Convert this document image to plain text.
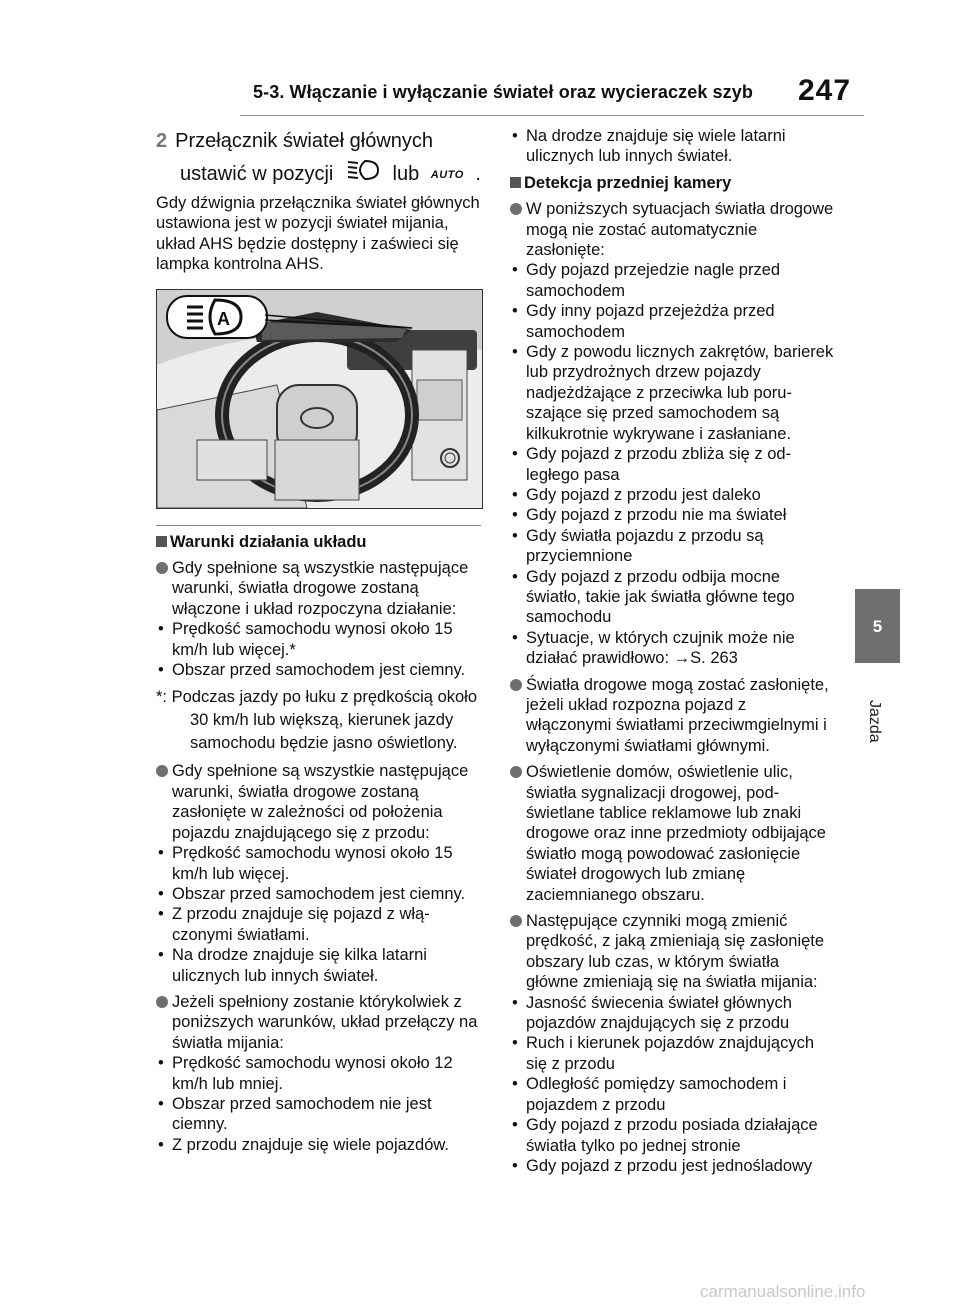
5-3. Włączanie i wyłączanie świateł oraz wycieraczek szyb 247
5
Jazda
2 Przełącznik świateł głównych
ustawić w pozycji	lub AUTO .
Gdy dźwignia przełącznika świateł głównych ustawiona jest w pozycji świateł mijania, układ AHS będzie dostępny i zaświeci się lampka kontrolna AHS.
A
Warunki działania układu
Gdy spełnione są wszystkie następujące warunki, światła drogowe zostaną włączone i układ rozpoczyna działanie:
• Prędkość samochodu wynosi około 15 km/h lub więcej.*
• Obszar przed samochodem jest ciemny.
*: Podczas jazdy po łuku z prędkością około 30 km/h lub większą, kierunek jazdy samochodu będzie jasno oświetlony.
Gdy spełnione są wszystkie następujące warunki, światła drogowe zostaną zasłonięte w zależności od położenia pojazdu znajdującego się z przodu:
• Prędkość samochodu wynosi około 15 km/h lub więcej.
• Obszar przed samochodem jest ciemny.
• Z przodu znajduje się pojazd z włączonymi światłami.
• Na drodze znajduje się kilka latarni ulicznych lub innych świateł.
Jeżeli spełniony zostanie którykolwiek z poniższych warunków, układ przełączy na światła mijania:
• Prędkość samochodu wynosi około 12 km/h lub mniej.
• Obszar przed samochodem nie jest ciemny.
• Z przodu znajduje się wiele pojazdów.
• Na drodze znajduje się wiele latarni ulicznych lub innych świateł.
Detekcja przedniej kamery
W poniższych sytuacjach światła drogowe mogą nie zostać automatycznie zasłonięte:
• Gdy pojazd przejedzie nagle przed samochodem
• Gdy inny pojazd przejeżdża przed samochodem
• Gdy z powodu licznych zakrętów, barierek lub przydrożnych drzew pojazdy nadjeżdżające z przeciwka lub poruszające się przed samochodem są kilkukrotnie wykrywane i zasłaniane.
• Gdy pojazd z przodu zbliża się z odległego pasa
• Gdy pojazd z przodu jest daleko
• Gdy pojazd z przodu nie ma świateł
• Gdy światła pojazdu z przodu są przyciemnione
• Gdy pojazd z przodu odbija mocne światło, takie jak światła główne tego samochodu
• Sytuacje, w których czujnik może nie działać prawidłowo: →S. 263
Światła drogowe mogą zostać zasłonięte, jeżeli układ rozpozna pojazd z włączonymi światłami przeciwmgielnymi i wyłączonymi światłami głównymi.
Oświetlenie domów, oświetlenie ulic, światła sygnalizacji drogowej, podświetlane tablice reklamowe lub znaki drogowe oraz inne przedmioty odbijające światło mogą powodować zasłonięcie świateł drogowych lub zmianę zaciemnianego obszaru.
Następujące czynniki mogą zmienić prędkość, z jaką zmieniają się zasłonięte obszary lub czas, w którym światła główne zmieniają się na światła mijania:
• Jasność świecenia świateł głównych pojazdów znajdujących się z przodu
• Ruch i kierunek pojazdów znajdujących się z przodu
• Odległość pomiędzy samochodem i pojazdem z przodu
• Gdy pojazd z przodu posiada działające światła tylko po jednej stronie
• Gdy pojazd z przodu jest jednośladowy
carmanualsonline.info
